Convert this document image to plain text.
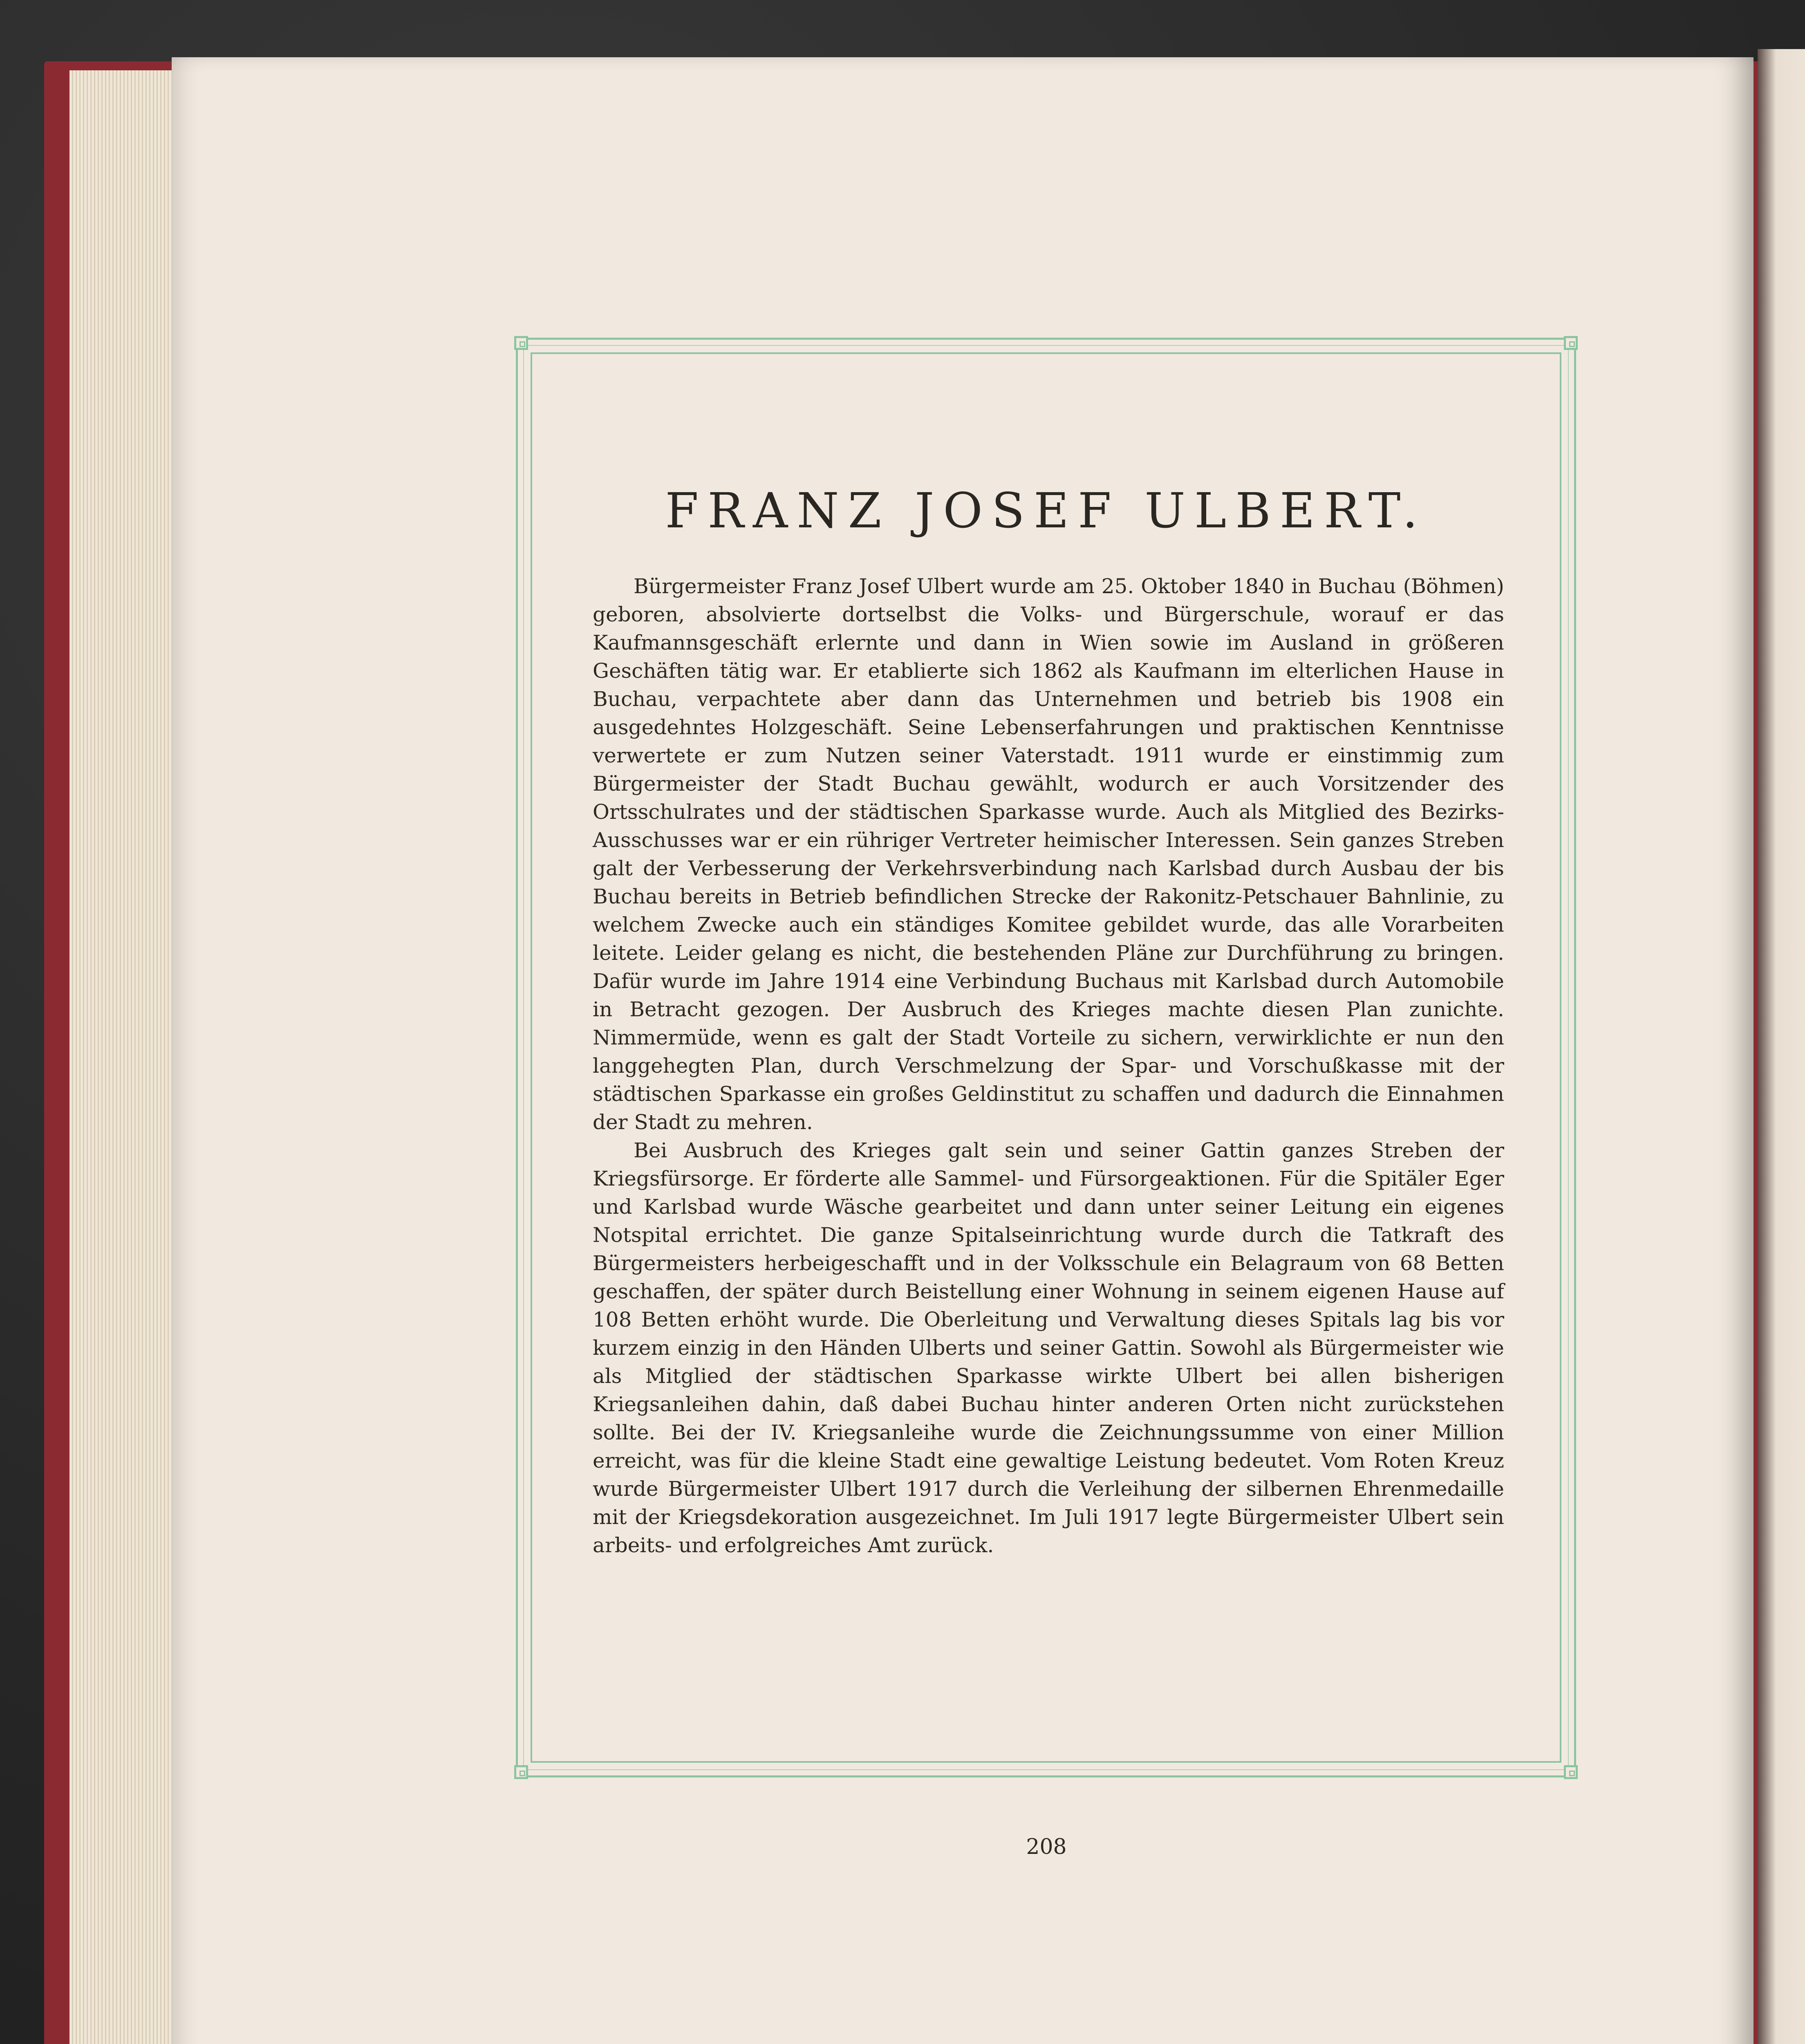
FRANZ JOSEF ULBERT.

Bürgermeister Franz Josef Ulbert wurde am 25. Oktober 1840 in Buchau (Böhmen) geboren, absolvierte dortselbst die Volks- und Bürgerschule, worauf er das Kaufmannsgeschäft erlernte und dann in Wien sowie im Ausland in größeren Geschäften tätig war. Er etablierte sich 1862 als Kaufmann im elterlichen Hause in Buchau, verpachtete aber dann das Unternehmen und betrieb bis 1908 ein ausgedehntes Holzgeschäft. Seine Lebenserfahrungen und praktischen Kenntnisse verwertete er zum Nutzen seiner Vaterstadt. 1911 wurde er einstimmig zum Bürgermeister der Stadt Buchau gewählt, wodurch er auch Vorsitzender des Ortsschulrates und der städtischen Sparkasse wurde. Auch als Mitglied des Bezirks-Ausschusses war er ein rühriger Vertreter heimischer Interessen. Sein ganzes Streben galt der Verbesserung der Verkehrsverbindung nach Karlsbad durch Ausbau der bis Buchau bereits in Betrieb befindlichen Strecke der Rakonitz-Petschauer Bahnlinie, zu welchem Zwecke auch ein ständiges Komitee gebildet wurde, das alle Vorarbeiten leitete. Leider gelang es nicht, die bestehenden Pläne zur Durchführung zu bringen. Dafür wurde im Jahre 1914 eine Verbindung Buchaus mit Karlsbad durch Automobile in Betracht gezogen. Der Ausbruch des Krieges machte diesen Plan zunichte. Nimmermüde, wenn es galt der Stadt Vorteile zu sichern, verwirklichte er nun den langgehegten Plan, durch Verschmelzung der Spar- und Vorschußkasse mit der städtischen Sparkasse ein großes Geldinstitut zu schaffen und dadurch die Einnahmen der Stadt zu mehren.

Bei Ausbruch des Krieges galt sein und seiner Gattin ganzes Streben der Kriegsfürsorge. Er förderte alle Sammel- und Fürsorgeaktionen. Für die Spitäler Eger und Karlsbad wurde Wäsche gearbeitet und dann unter seiner Leitung ein eigenes Notspital errichtet. Die ganze Spitalseinrichtung wurde durch die Tatkraft des Bürgermeisters herbeigeschafft und in der Volksschule ein Belagraum von 68 Betten geschaffen, der später durch Beistellung einer Wohnung in seinem eigenen Hause auf 108 Betten erhöht wurde. Die Oberleitung und Verwaltung dieses Spitals lag bis vor kurzem einzig in den Händen Ulberts und seiner Gattin. Sowohl als Bürgermeister wie als Mitglied der städtischen Sparkasse wirkte Ulbert bei allen bisherigen Kriegsanleihen dahin, daß dabei Buchau hinter anderen Orten nicht zurückstehen sollte. Bei der IV. Kriegsanleihe wurde die Zeichnungssumme von einer Million erreicht, was für die kleine Stadt eine gewaltige Leistung bedeutet. Vom Roten Kreuz wurde Bürgermeister Ulbert 1917 durch die Verleihung der silbernen Ehrenmedaille mit der Kriegsdekoration ausgezeichnet. Im Juli 1917 legte Bürgermeister Ulbert sein arbeits- und erfolgreiches Amt zurück.

208
